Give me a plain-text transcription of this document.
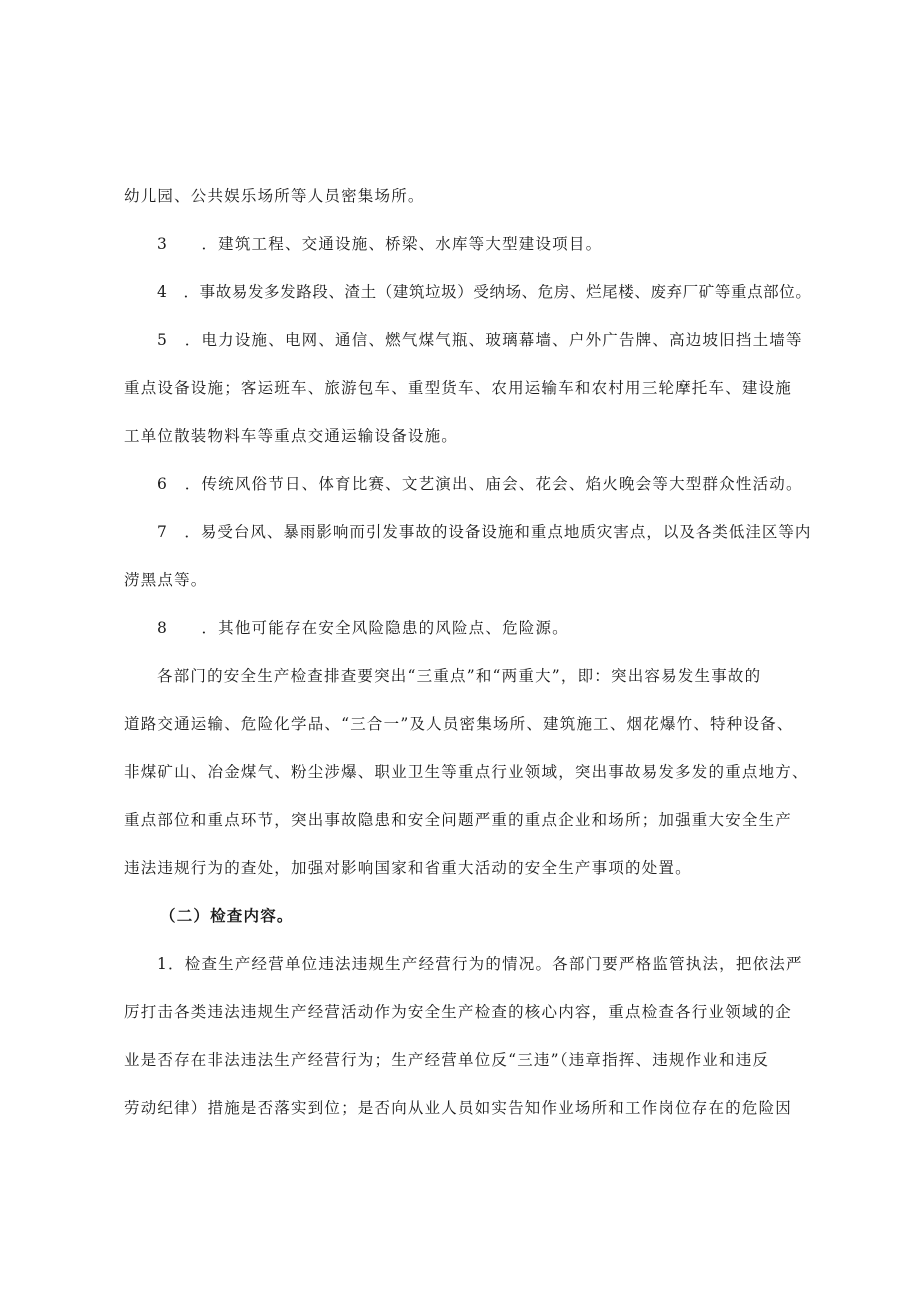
幼儿园、公共娱乐场所等人员密集场所。
3　　．建筑工程、交通设施、桥梁、水库等大型建设项目。
4　．事故易发多发路段、渣土（建筑垃圾）受纳场、危房、烂尾楼、废弃厂矿等重点部位。
5　．电力设施、电网、通信、燃气煤气瓶、玻璃幕墙、户外广告牌、高边坡旧挡土墙等
重点设备设施；客运班车、旅游包车、重型货车、农用运输车和农村用三轮摩托车、建设施
工单位散装物料车等重点交通运输设备设施。
6　．传统风俗节日、体育比赛、文艺演出、庙会、花会、焰火晚会等大型群众性活动。
7　．易受台风、暴雨影响而引发事故的设备设施和重点地质灾害点，以及各类低洼区等内
涝黑点等。
8　　．其他可能存在安全风险隐患的风险点、危险源。
各部门的安全生产检查排查要突出“三重点”和“两重大”，即：突出容易发生事故的
道路交通运输、危险化学品、“三合一”及人员密集场所、建筑施工、烟花爆竹、特种设备、
非煤矿山、冶金煤气、粉尘涉爆、职业卫生等重点行业领域，突出事故易发多发的重点地方、
重点部位和重点环节，突出事故隐患和安全问题严重的重点企业和场所；加强重大安全生产
违法违规行为的查处，加强对影响国家和省重大活动的安全生产事项的处置。
（二）检查内容。
1．检查生产经营单位违法违规生产经营行为的情况。各部门要严格监管执法，把依法严
厉打击各类违法违规生产经营活动作为安全生产检查的核心内容，重点检查各行业领域的企
业是否存在非法违法生产经营行为；生产经营单位反“三违”（违章指挥、违规作业和违反
劳动纪律）措施是否落实到位；是否向从业人员如实告知作业场所和工作岗位存在的危险因
